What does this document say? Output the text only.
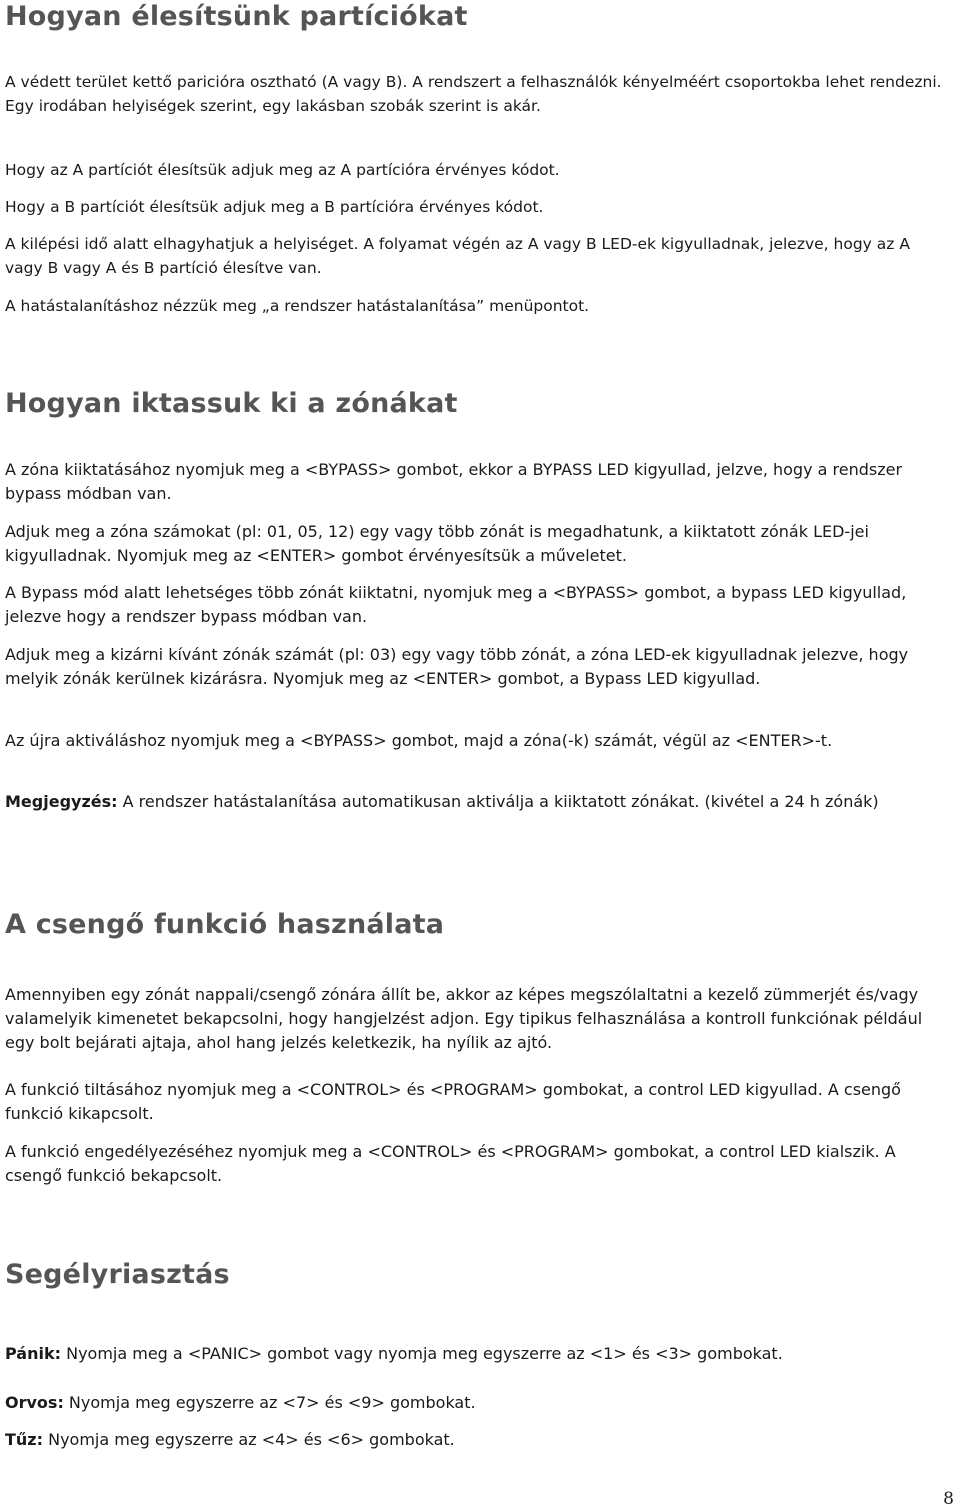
Hogyan élesítsünk partíciókat

A védett terület kettő paricióra osztható (A vagy B). A rendszert a felhasználók kényelméért csoportokba lehet rendezni. Egy irodában helyiségek szerint, egy lakásban szobák szerint is akár.

Hogy az A partíciót élesítsük adjuk meg az A partícióra érvényes kódot.

Hogy a B partíciót élesítsük adjuk meg a B partícióra érvényes kódot.

A kilépési idő alatt elhagyhatjuk a helyiséget. A folyamat végén az A vagy B LED-ek kigyulladnak, jelezve, hogy az A vagy B vagy A és B partíció élesítve van.

A hatástalanításhoz nézzük meg „a rendszer hatástalanítása” menüpontot.

Hogyan iktassuk ki a zónákat

A zóna kiiktatásához nyomjuk meg a <BYPASS> gombot, ekkor a BYPASS LED kigyullad, jelzve, hogy a rendszer bypass módban van.

Adjuk meg a zóna számokat (pl: 01, 05, 12) egy vagy több zónát is megadhatunk, a kiiktatott zónák LED-jei kigyulladnak. Nyomjuk meg az <ENTER> gombot érvényesítsük a műveletet.

A Bypass mód alatt lehetséges több zónát kiiktatni, nyomjuk meg a <BYPASS> gombot, a bypass LED kigyullad, jelezve hogy a rendszer bypass módban van.

Adjuk meg a kizárni kívánt zónák számát (pl: 03) egy vagy több zónát, a zóna LED-ek kigyulladnak jelezve, hogy melyik zónák kerülnek kizárásra. Nyomjuk meg az <ENTER> gombot, a Bypass LED kigyullad.

Az újra aktiváláshoz nyomjuk meg a <BYPASS> gombot, majd a zóna(-k) számát, végül az <ENTER>-t.

Megjegyzés: A rendszer hatástalanítása automatikusan aktiválja a kiiktatott zónákat. (kivétel a 24 h zónák)

A csengő funkció használata

Amennyiben egy zónát nappali/csengő zónára állít be, akkor az képes megszólaltatni a kezelő zümmerjét és/vagy valamelyik kimenetet bekapcsolni, hogy hangjelzést adjon. Egy tipikus felhasználása a kontroll funkciónak például egy bolt bejárati ajtaja, ahol hang jelzés keletkezik, ha nyílik az ajtó.

A funkció tiltásához nyomjuk meg a <CONTROL> és <PROGRAM> gombokat, a control LED kigyullad. A csengő funkció kikapcsolt.

A funkció engedélyezéséhez nyomjuk meg a <CONTROL> és <PROGRAM> gombokat, a control LED kialszik. A csengő funkció bekapcsolt.

Segélyriasztás

Pánik: Nyomja meg a <PANIC> gombot vagy nyomja meg egyszerre az <1> és <3> gombokat.

Orvos: Nyomja meg egyszerre az <7> és <9> gombokat.

Tűz: Nyomja meg egyszerre az <4> és <6> gombokat.

8
